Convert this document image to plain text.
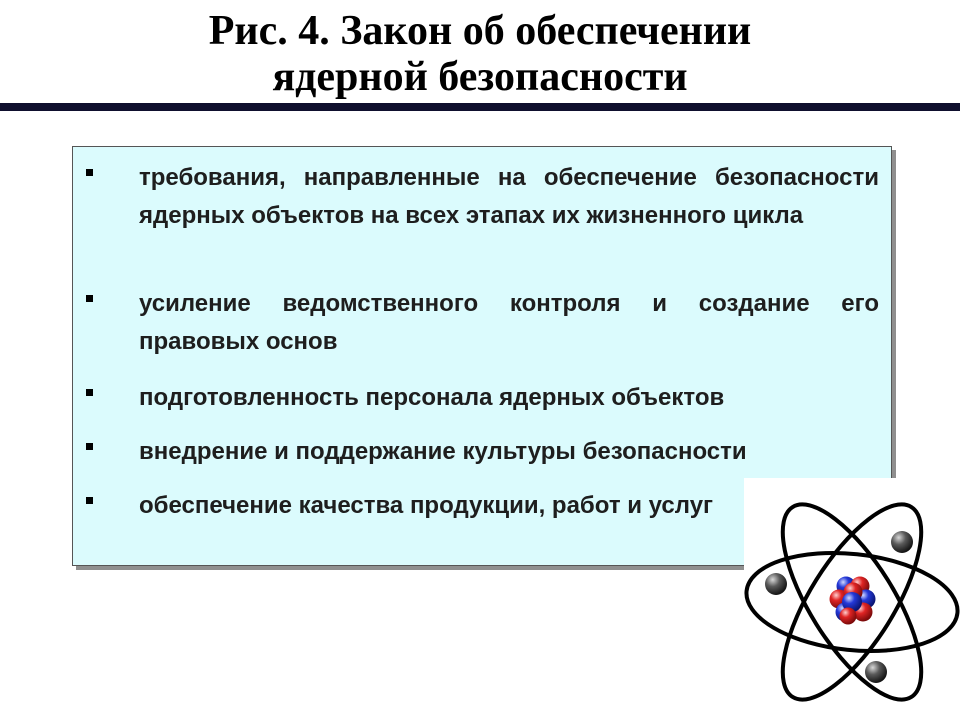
Рис. 4. Закон об обеспечении
ядерной безопасности

требования, направленные на обеспечение безопасности ядерных объектов на всех этапах их жизненного цикла

усиление ведомственного контроля и создание его правовых основ

подготовленность персонала ядерных объектов

внедрение и поддержание культуры безопасности

обеспечение качества продукции, работ и услуг
